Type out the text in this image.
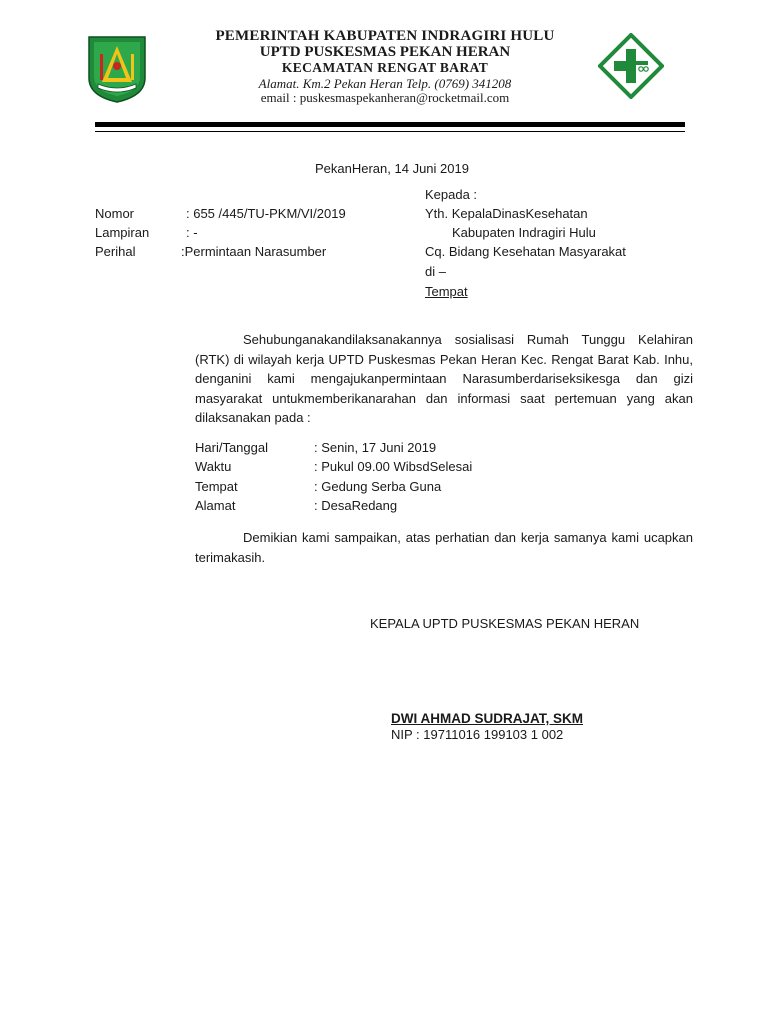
PEMERINTAH KABUPATEN INDRAGIRI HULU
UPTD PUSKESMAS PEKAN HERAN
KECAMATAN RENGAT BARAT
Alamat. Km.2 Pekan Heran Telp. (0769) 341208
email : puskesmaspekanheran@rocketmail.com
PekanHeran, 14 Juni 2019
Nomor	: 655 /445/TU-PKM/VI/2019
Lampiran	: -
Perihal	:Permintaan Narasumber
Kepada :
Yth. KepalaDinasKesehatan
Kabupaten Indragiri Hulu
Cq. Bidang Kesehatan Masyarakat
di –
Tempat
Sehubunganakandilaksanakannya sosialisasi Rumah Tunggu Kelahiran (RTK) di wilayah kerja UPTD Puskesmas Pekan Heran Kec. Rengat Barat Kab. Inhu, denganini kami mengajukanpermintaan Narasumberdariseksikesga dan gizi masyarakat untukmemberikanarahan dan informasi saat pertemuan yang akan dilaksanakan pada :
Hari/Tanggal	: Senin, 17 Juni 2019
Waktu	: Pukul 09.00 WibsdSelesai
Tempat	: Gedung Serba Guna
Alamat	: DesaRedang
Demikian kami sampaikan, atas perhatian dan kerja samanya kami ucapkan terimakasih.
KEPALA UPTD PUSKESMAS PEKAN HERAN
DWI AHMAD SUDRAJAT, SKM
NIP : 19711016 199103 1 002
